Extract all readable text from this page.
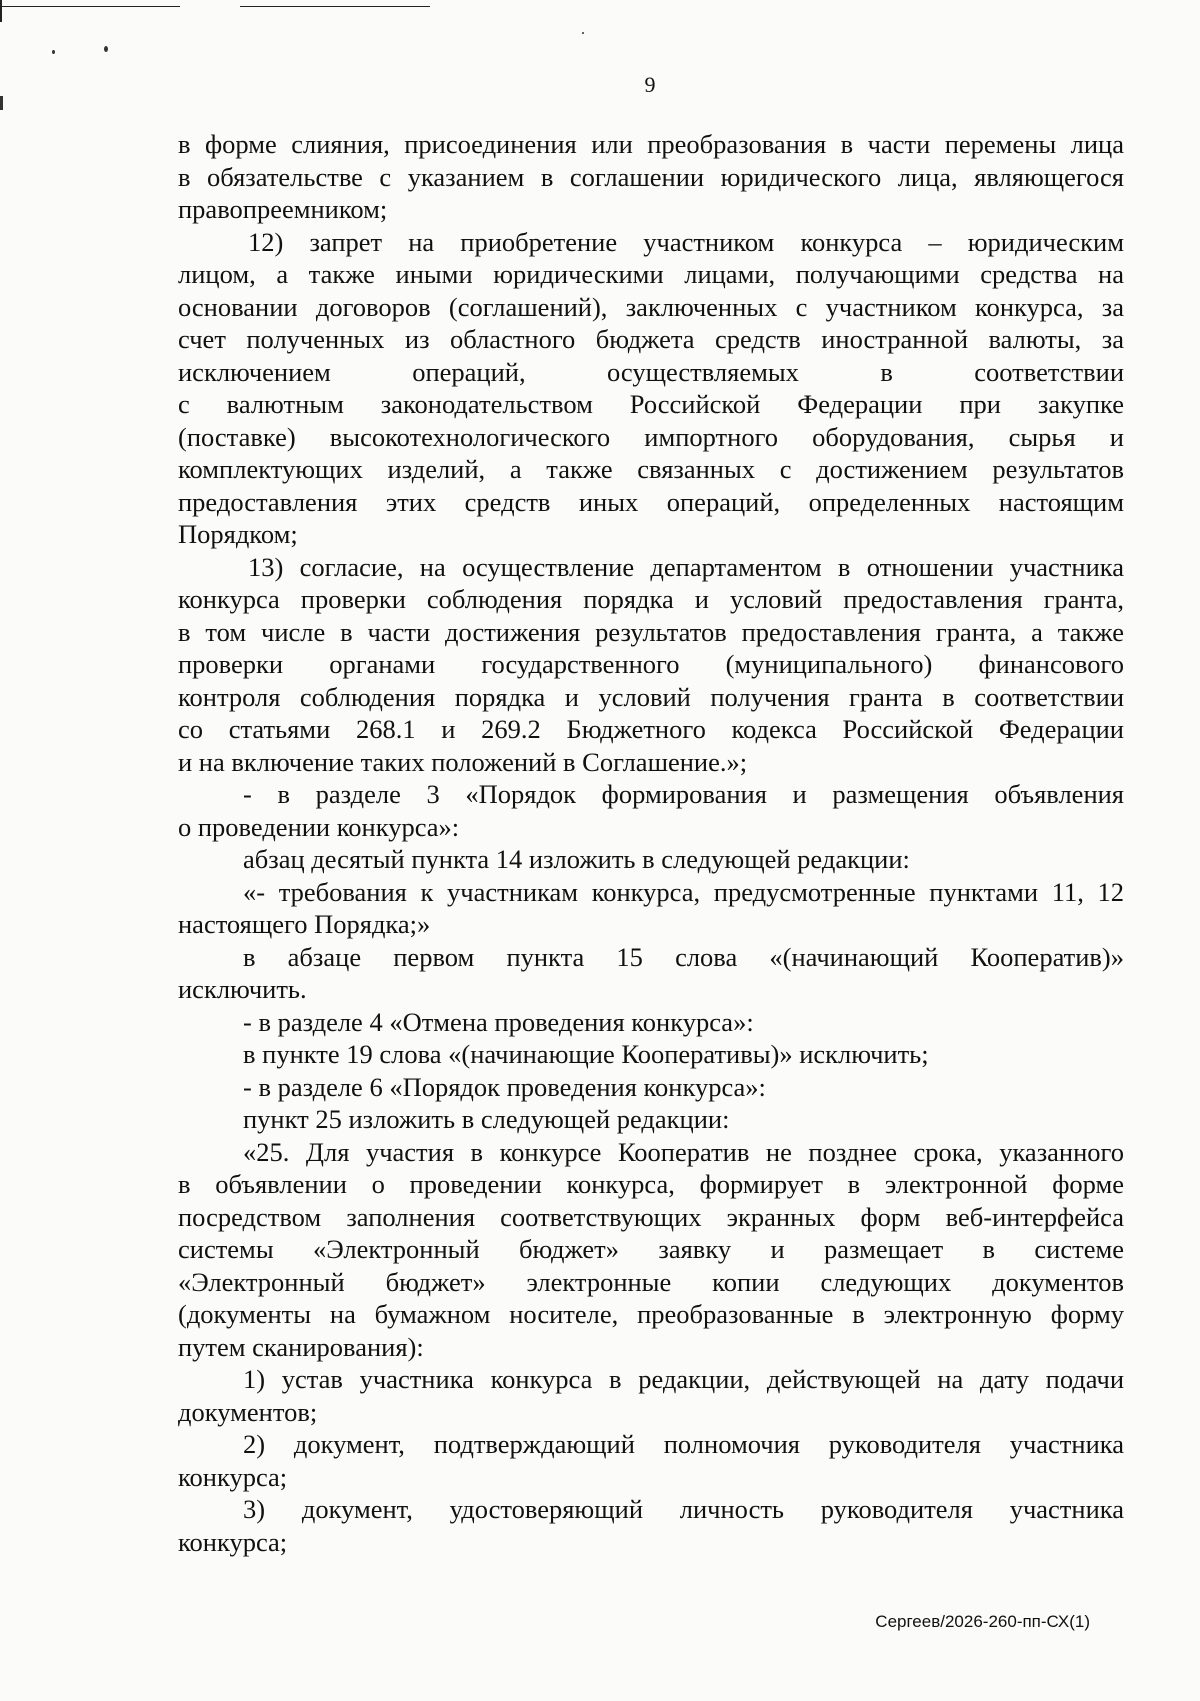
9
в форме слияния, присоединения или преобразования в части перемены лица
в обязательстве с указанием в соглашении юридического лица, являющегося
правопреемником;
12) запрет на приобретение участником конкурса – юридическим
лицом, а также иными юридическими лицами, получающими средства на
основании договоров (соглашений), заключенных с участником конкурса, за
счет полученных из областного бюджета средств иностранной валюты, за
исключением операций, осуществляемых в соответствии
с валютным законодательством Российской Федерации при закупке
(поставке) высокотехнологического импортного оборудования, сырья и
комплектующих изделий, а также связанных с достижением результатов
предоставления этих средств иных операций, определенных настоящим
Порядком;
13) согласие, на осуществление департаментом в отношении участника
конкурса проверки соблюдения порядка и условий предоставления гранта,
в том числе в части достижения результатов предоставления гранта, а также
проверки органами государственного (муниципального) финансового
контроля соблюдения порядка и условий получения гранта в соответствии
со статьями 268.1 и 269.2 Бюджетного кодекса Российской Федерации
и на включение таких положений в Соглашение.»;
- в разделе 3 «Порядок формирования и размещения объявления
о проведении конкурса»:
абзац десятый пункта 14 изложить в следующей редакции:
«- требования к участникам конкурса, предусмотренные пунктами 11, 12
настоящего Порядка;»
в абзаце первом пункта 15 слова «(начинающий Кооператив)»
исключить.
- в разделе 4 «Отмена проведения конкурса»:
в пункте 19 слова «(начинающие Кооперативы)» исключить;
- в разделе 6 «Порядок проведения конкурса»:
пункт 25 изложить в следующей редакции:
«25. Для участия в конкурсе Кооператив не позднее срока, указанного
в объявлении о проведении конкурса, формирует в электронной форме
посредством заполнения соответствующих экранных форм веб-интерфейса
системы «Электронный бюджет» заявку и размещает в системе
«Электронный бюджет» электронные копии следующих документов
(документы на бумажном носителе, преобразованные в электронную форму
путем сканирования):
1) устав участника конкурса в редакции, действующей на дату подачи
документов;
2) документ, подтверждающий полномочия руководителя участника
конкурса;
3) документ, удостоверяющий личность руководителя участника
конкурса;
Сергеев/2026-260-пп-СХ(1)
